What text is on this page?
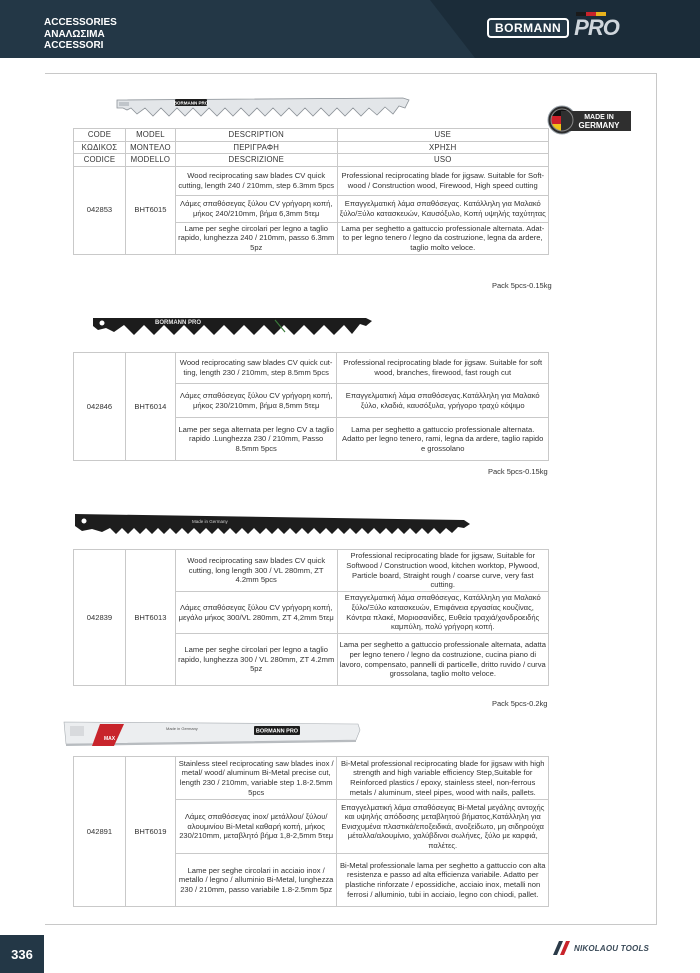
ACCESSORIES
ΑΝΑΛΩΣΙΜΑ
ACCESSORI
BORMANN PRO
MADE IN
GERMANY
BORMANN PRO
CODE	MODEL	DESCRIPTION	USE
ΚΩΔΙΚΟΣ	ΜΟΝΤΕΛΟ	ΠΕΡΙΓΡΑΦΗ	ΧΡΗΣΗ
CODICE	MODELLO	DESCRIZIONE	USO
042853	BHT6015	Wood reciprocating saw blades CV quick cutting, length 240 / 210mm, step 6.3mm 5pcs	Professional reciprocating blade for jigsaw. Suitable for Soft-wood / Construction wood, Firewood, High speed cutting
		Λάμες σπαθόσεγας ξύλου CV γρήγορη κοπή, μήκος 240/210mm, βήμα 6,3mm 5τεμ	Επαγγελματική λάμα σπαθόσεγας. Κατάλληλη για Μαλακό ξύλο/Ξύλο κατασκευών, Καυσόξυλο, Κοπή υψηλής ταχύτητας
		Lame per seghe circolari per legno a taglio rapido, lunghezza 240 / 210mm, passo 6.3mm 5pz	Lama per seghetto a gattuccio professionale alternata. Adat-to per legno tenero / legno da costruzione, legna da ardere, taglio molto veloce.
Pack 5pcs-0.15kg
BORMANN PRO
042846	BHT6014	Wood reciprocating saw blades CV quick cut-ting, length 230 / 210mm, step 8.5mm 5pcs	Professional reciprocating blade for jigsaw. Suitable for soft wood, branches, firewood, fast rough cut
		Λάμες σπαθόσεγας ξύλου CV γρήγορη κοπή, μήκος 230/210mm, βήμα 8,5mm 5τεμ	Επαγγελματική λάμα σπαθόσεγας.Κατάλληλη για Μαλακό ξύλο, κλαδιά, καυσόξυλα, γρήγορο τραχύ κόψιμο
		Lame per sega alternata per legno CV a taglio rapido .Lunghezza 230 / 210mm, Passo 8.5mm 5pcs	Lama per seghetto a gattuccio professionale alternata. Adatto per legno tenero, rami, legna da ardere, taglio rapido e grossolano
Pack 5pcs-0.15kg
Made in Germany
042839	BHT6013	Wood reciprocating saw blades CV quick cutting, long length 300 / VL 280mm, ZT 4.2mm 5pcs	Professional reciprocating blade for jigsaw, Suitable for Softwood / Construction wood, kitchen worktop, Plywood, Particle board, Straight rough / coarse curve, very fast cutting.
		Λάμες σπαθόσεγας ξύλου CV γρήγορη κοπή, μεγάλο μήκος 300/VL 280mm, ZT 4,2mm 5τεμ	Επαγγελματική λάμα σπαθόσεγας, Κατάλληλη για Μαλακό ξύλο/Ξύλο κατασκευών, Επιφάνεια εργασίας κουζίνας, Κόντρα πλακέ, Μοριοσανίδες, Ευθεία τραχιά/χονδροειδής καμπύλη, πολύ γρήγορη κοπή.
		Lame per seghe circolari per legno a taglio rapido, lunghezza 300 / VL 280mm, ZT 4.2mm 5pz	Lama per seghetto a gattuccio professionale alternata, adatta per legno tenero / legno da costruzione, cucina piano di lavoro, compensato, pannelli di particelle, dritto ruvido / curva grossolana, taglio molto veloce.
Pack 5pcs-0.2kg
MAX
Made in Germany	BORMANN PRO
042891	BHT6019	Stainless steel reciprocating saw blades inox / metal/ wood/ aluminum Bi-Metal precise cut, length 230 / 210mm, variable step 1.8-2.5mm 5pcs	Bi-Metal professional reciprocating blade for jigsaw with high strength and high variable efficiency Step,Suitable for Reinforced plastics / epoxy, stainless steel, non-ferrous metals / aluminum, steel pipes, wood with nails, pallets.
		Λάμες σπαθόσεγας inox/ μετάλλου/ ξύλου/ αλουμινίου Bi-Metal καθαρή κοπή, μήκος 230/210mm, μεταβλητό βήμα 1,8-2,5mm 5τεμ	Επαγγελματική λάμα σπαθόσεγας Bi-Metal μεγάλης αντοχής και υψηλής απόδοσης μεταβλητού βήματος,Κατάλληλη για Ενισχυμένα πλαστικά/εποξειδικά, ανοξείδωτο, μη σιδηρούχα μέταλλα/αλουμίνιο, χαλύβδινοι σωλήνες, ξύλο με καρφιά, παλέτες.
		Lame per seghe circolari in acciaio inox / metallo / legno / alluminio Bi-Metal, lunghezza 230 / 210mm, passo variabile 1.8-2.5mm 5pz	Bi-Metal professionale lama per seghetto a gattuccio con alta resistenza e passo ad alta efficienza variabile. Adatto per plastiche rinforzate / epossidiche, acciaio inox, metalli non ferrosi / alluminio, tubi in acciaio, legno con chiodi, pallet.
336	NIKOLAOU TOOLS
